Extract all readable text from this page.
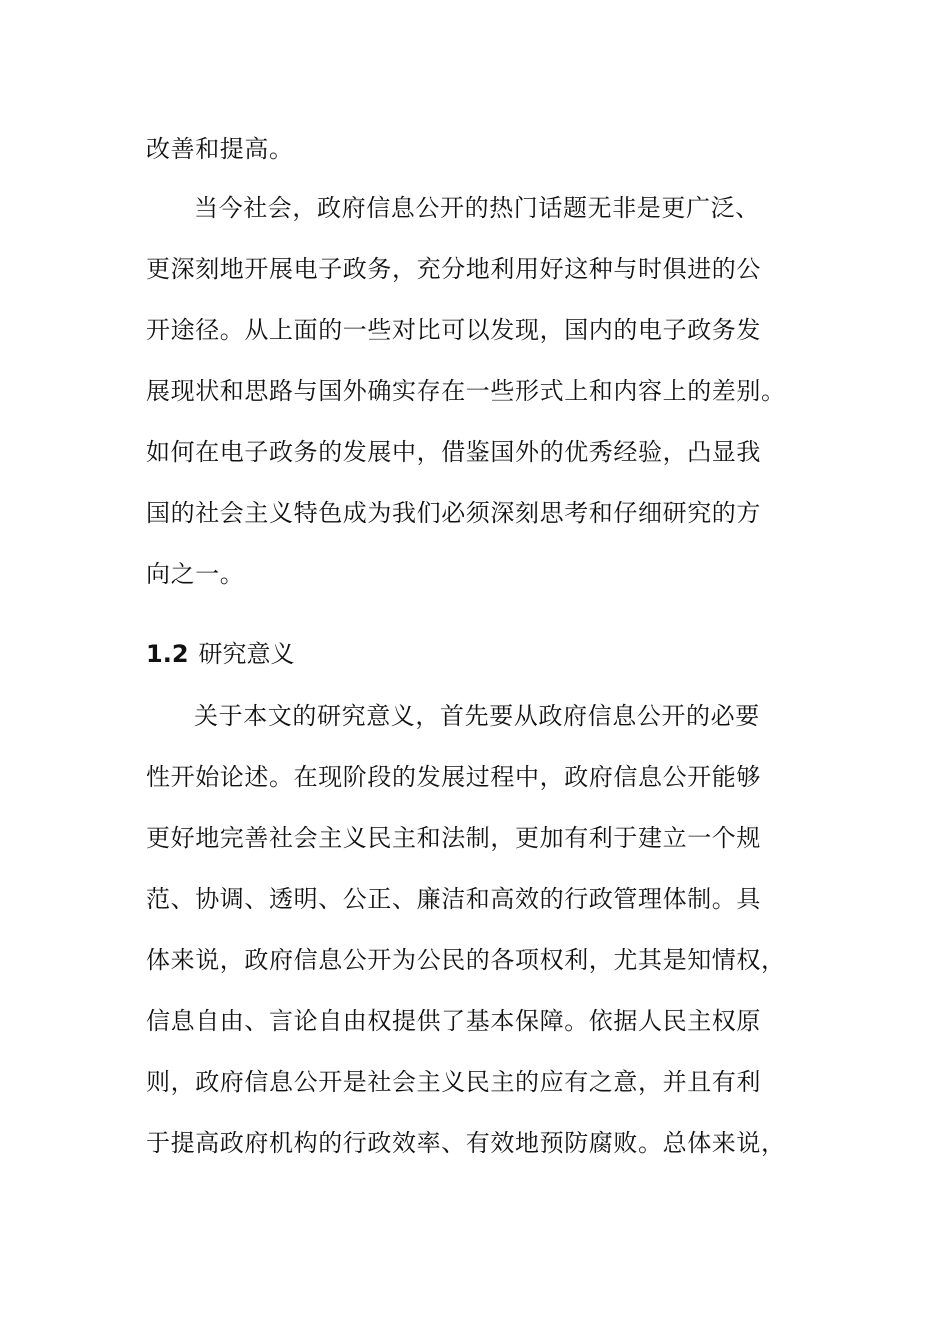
改善和提高。
当今社会，政府信息公开的热门话题无非是更广泛、
更深刻地开展电子政务，充分地利用好这种与时俱进的公
开途径。从上面的一些对比可以发现，国内的电子政务发
展现状和思路与国外确实存在一些形式上和内容上的差别。
如何在电子政务的发展中，借鉴国外的优秀经验，凸显我
国的社会主义特色成为我们必须深刻思考和仔细研究的方
向之一。
1.2 研究意义
关于本文的研究意义，首先要从政府信息公开的必要
性开始论述。在现阶段的发展过程中，政府信息公开能够
更好地完善社会主义民主和法制，更加有利于建立一个规
范、协调、透明、公正、廉洁和高效的行政管理体制。具
体来说，政府信息公开为公民的各项权利，尤其是知情权，
信息自由、言论自由权提供了基本保障。依据人民主权原
则，政府信息公开是社会主义民主的应有之意，并且有利
于提高政府机构的行政效率、有效地预防腐败。总体来说，
